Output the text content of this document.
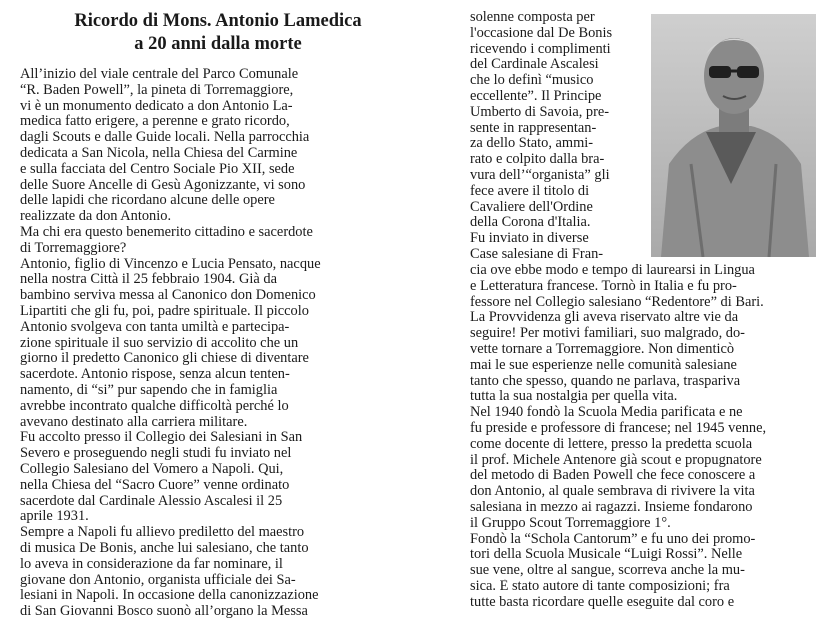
Ricordo di Mons. Antonio Lamedica
a 20 anni dalla morte
All’inizio del viale centrale del Parco Comunale
“R. Baden Powell”, la pineta di Torremaggiore,
vi è un monumento dedicato a don Antonio La-
medica fatto erigere, a perenne e grato ricordo,
dagli Scouts e dalle Guide locali. Nella parrocchia
dedicata a San Nicola, nella Chiesa del Carmine
e sulla facciata del Centro Sociale Pio XII, sede
delle Suore Ancelle di Gesù Agonizzante, vi sono
delle lapidi che ricordano alcune delle opere
realizzate da don Antonio.
Ma chi era questo benemerito cittadino e sacerdote
di Torremaggiore?
Antonio, figlio di Vincenzo e Lucia Pensato, nacque
nella nostra Città il 25 febbraio 1904. Già da
bambino serviva messa al Canonico don Domenico
Lipartiti che gli fu, poi, padre spirituale. Il piccolo
Antonio svolgeva con tanta umiltà e partecipa-
zione spirituale il suo servizio di accolito che un
giorno il predetto Canonico gli chiese di diventare
sacerdote. Antonio rispose, senza alcun tenten-
namento, di “si” pur sapendo che in famiglia
avrebbe incontrato qualche difficoltà perché lo
avevano destinato alla carriera militare.
Fu accolto presso il Collegio dei Salesiani in San
Severo e proseguendo negli studi fu inviato nel
Collegio Salesiano del Vomero a Napoli. Qui,
nella Chiesa del “Sacro Cuore” venne ordinato
sacerdote dal Cardinale Alessio Ascalesi il 25
aprile 1931.
Sempre a Napoli fu allievo prediletto del maestro
di musica De Bonis, anche lui salesiano, che tanto
lo aveva in considerazione da far nominare, il
giovane don Antonio, organista ufficiale dei Sa-
lesiani in Napoli. In occasione della canonizzazione
di San Giovanni Bosco suonò all’organo la Messa
solenne composta per
l'occasione dal De Bonis
ricevendo i complimenti
del Cardinale Ascalesi
che lo definì “musico
eccellente”. Il Principe
Umberto di Savoia, pre-
sente in rappresentan-
za dello Stato, ammi-
rato e colpito dalla bra-
vura dell’“organista” gli
fece avere il titolo di
Cavaliere dell'Ordine
della Corona d'Italia.
Fu inviato in diverse
Case salesiane di Fran-
cia ove ebbe modo e tempo di laurearsi in Lingua
e Letteratura francese. Tornò in Italia e fu pro-
fessore nel Collegio salesiano “Redentore” di Bari.
La Provvidenza gli aveva riservato altre vie da
seguire! Per motivi familiari, suo malgrado, do-
vette tornare a Torremaggiore. Non dimenticò
mai le sue esperienze nelle comunità salesiane
tanto che spesso, quando ne parlava, traspariva
tutta la sua nostalgia per quella vita.
Nel 1940 fondò la Scuola Media parificata e ne
fu preside e professore di francese; nel 1945 venne,
come docente di lettere, presso la predetta scuola
il prof. Michele Antenore già scout e propugnatore
del metodo di Baden Powell che fece conoscere a
don Antonio, al quale sembrava di rivivere la vita
salesiana in mezzo ai ragazzi. Insieme fondarono
il Gruppo Scout Torremaggiore 1°.
Fondò la “Schola Cantorum” e fu uno dei promo-
tori della Scuola Musicale “Luigi Rossi”. Nelle
sue vene, oltre al sangue, scorreva anche la mu-
sica. È stato autore di tante composizioni; fra
tutte basta ricordare quelle eseguite dal coro e
